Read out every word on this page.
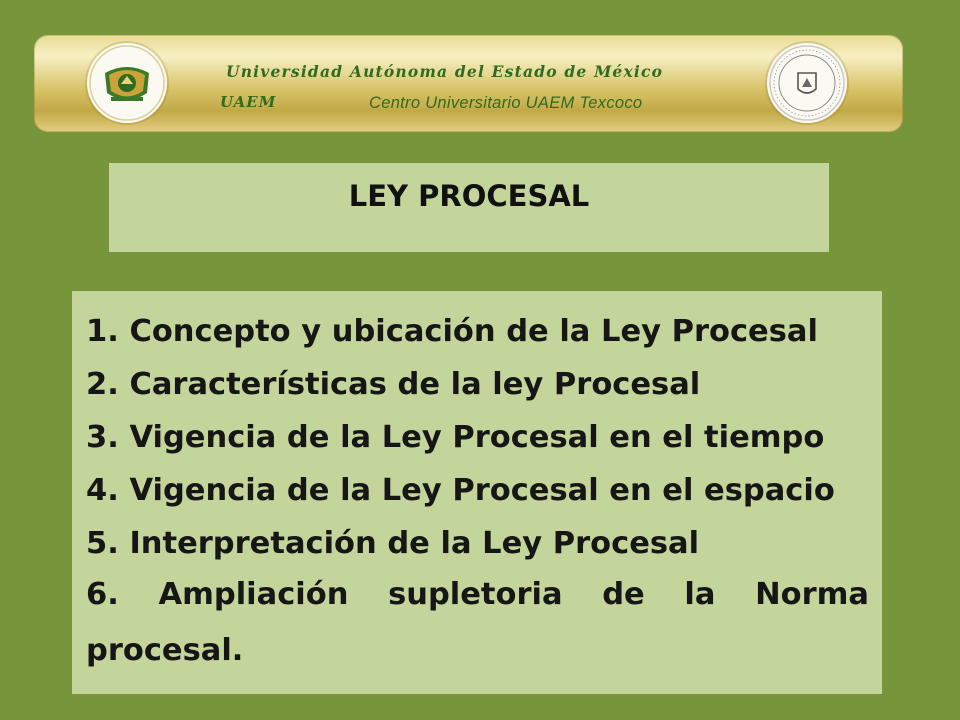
Universidad Autónoma del Estado de México
UAEM	Centro Universitario UAEM Texcoco
LEY PROCESAL
1. Concepto y ubicación de la Ley Procesal
2. Características de la ley Procesal
3. Vigencia de la Ley Procesal en el tiempo
4. Vigencia de la Ley Procesal en el espacio
5. Interpretación de la Ley Procesal
6. Ampliación supletoria de la Norma procesal.
